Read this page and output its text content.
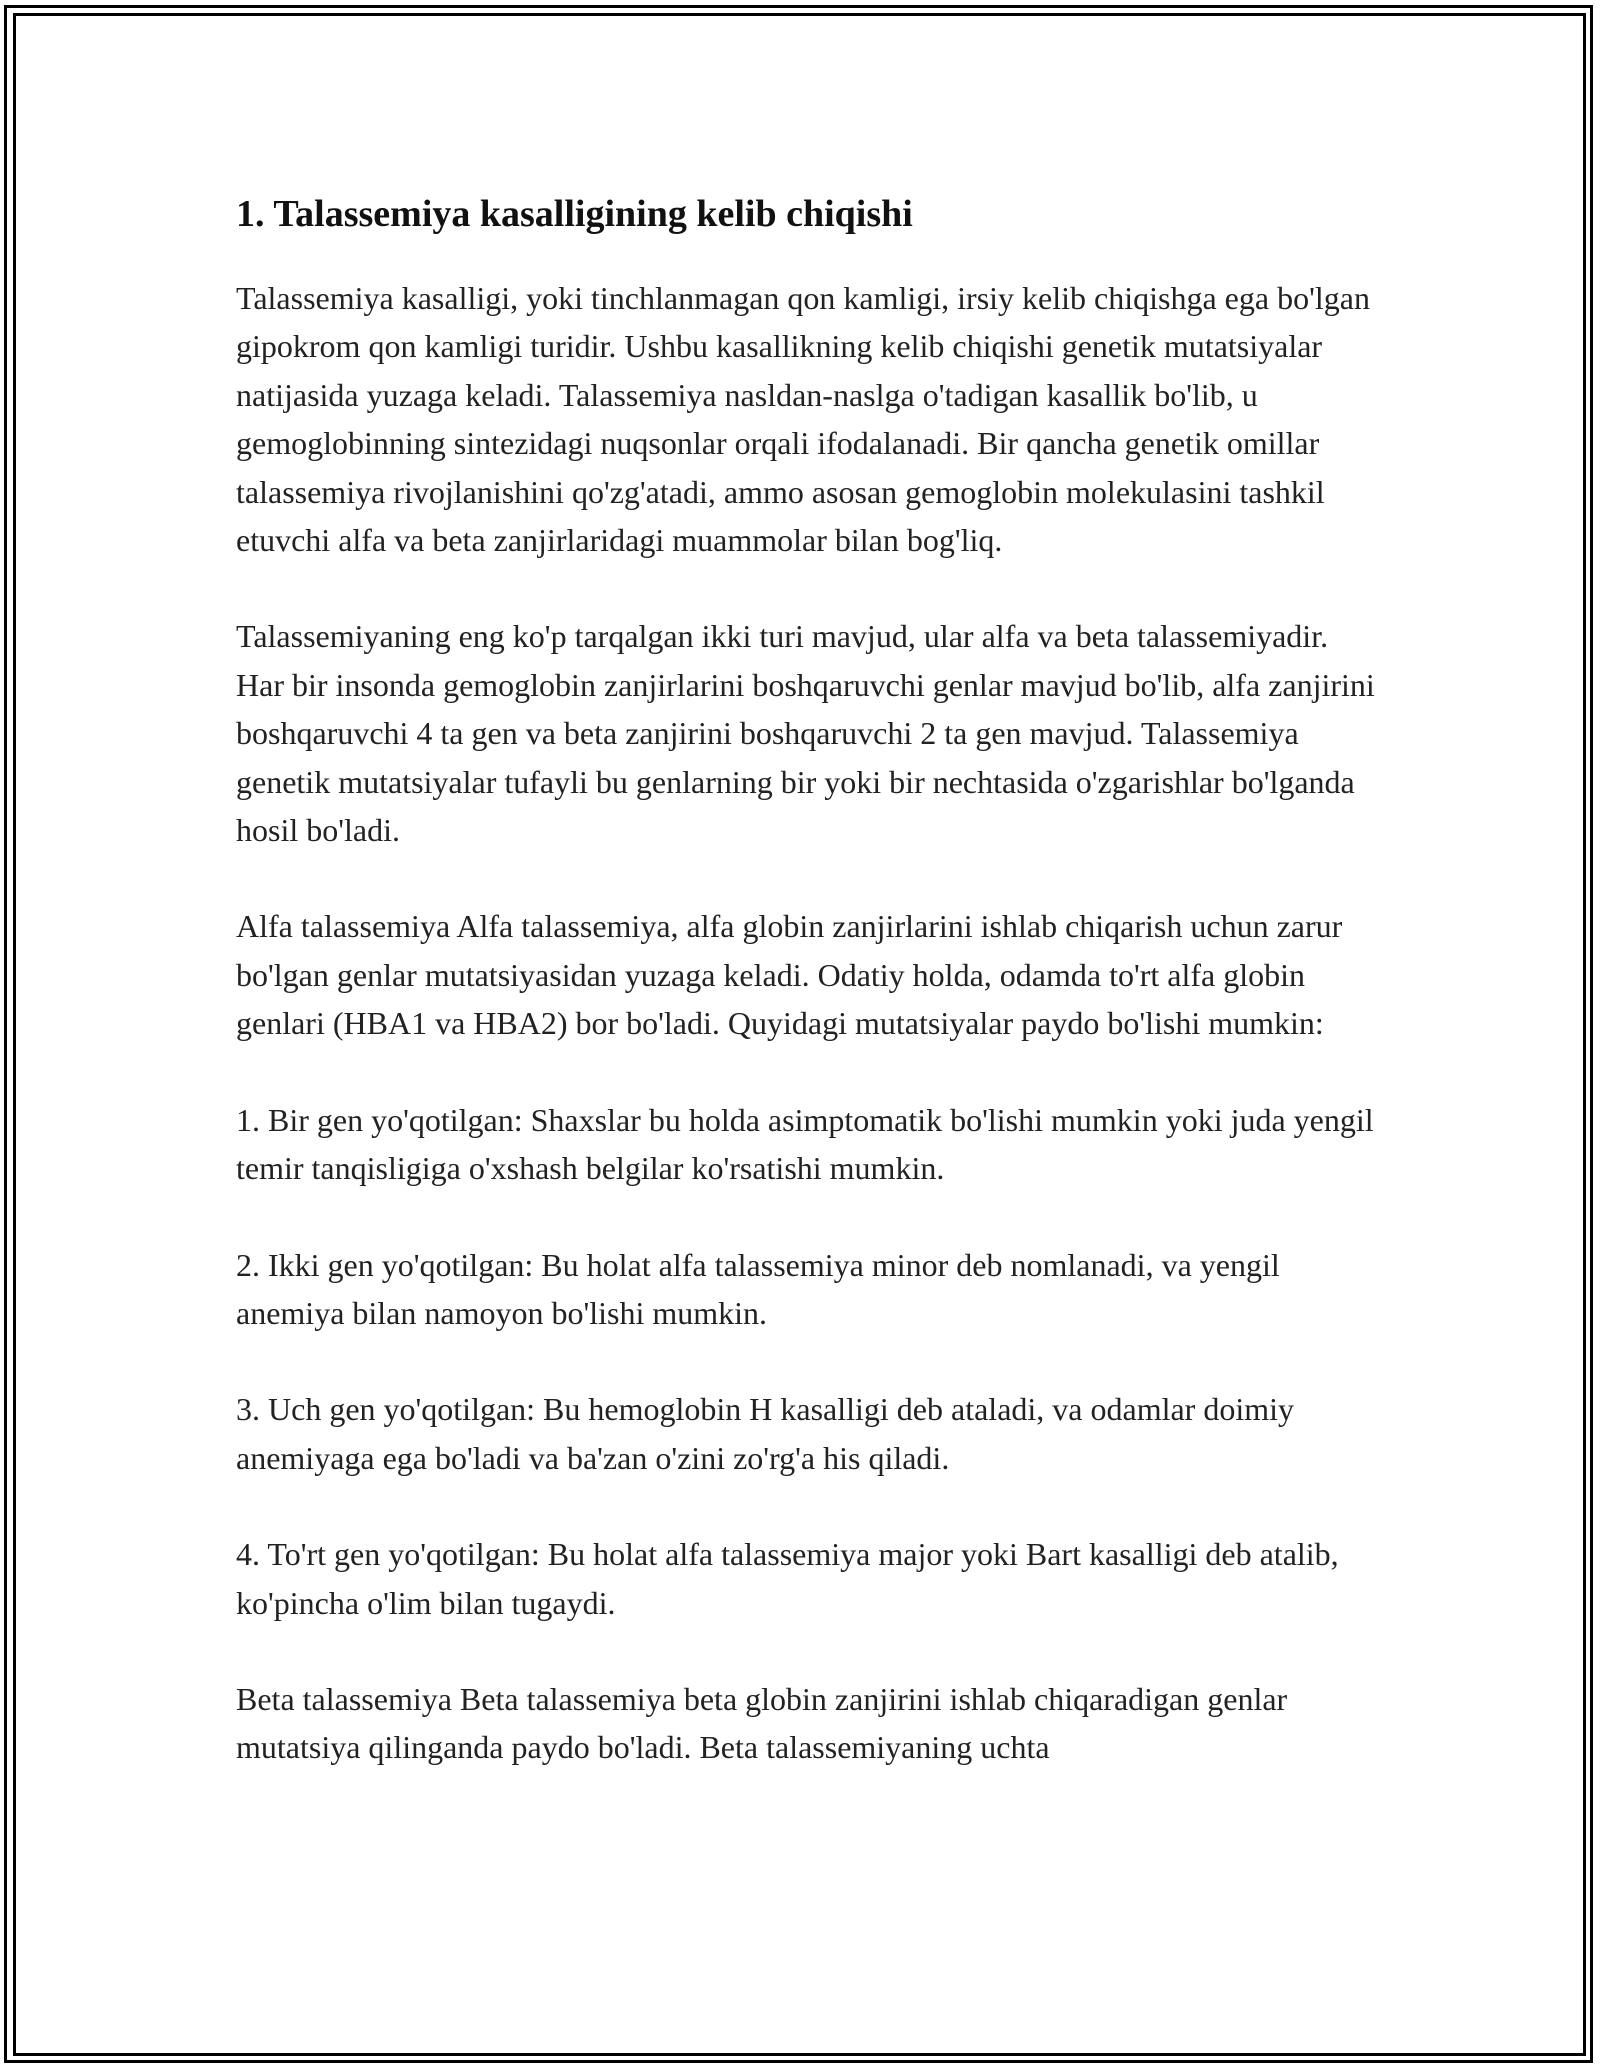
1. Talassemiya kasalligining kelib chiqishi

Talassemiya kasalligi, yoki tinchlanmagan qon kamligi, irsiy kelib chiqishga ega bo'lgan gipokrom qon kamligi turidir. Ushbu kasallikning kelib chiqishi genetik mutatsiyalar natijasida yuzaga keladi. Talassemiya nasldan-naslga o'tadigan kasallik bo'lib, u gemoglobinning sintezidagi nuqsonlar orqali ifodalanadi. Bir qancha genetik omillar talassemiya rivojlanishini qo'zg'atadi, ammo asosan gemoglobin molekulasini tashkil etuvchi alfa va beta zanjirlaridagi muammolar bilan bog'liq.

Talassemiyaning eng ko'p tarqalgan ikki turi mavjud, ular alfa va beta talassemiyadir. Har bir insonda gemoglobin zanjirlarini boshqaruvchi genlar mavjud bo'lib, alfa zanjirini boshqaruvchi 4 ta gen va beta zanjirini boshqaruvchi 2 ta gen mavjud. Talassemiya genetik mutatsiyalar tufayli bu genlarning bir yoki bir nechtasida o'zgarishlar bo'lganda hosil bo'ladi.

Alfa talassemiya Alfa talassemiya, alfa globin zanjirlarini ishlab chiqarish uchun zarur bo'lgan genlar mutatsiyasidan yuzaga keladi. Odatiy holda, odamda to'rt alfa globin genlari (HBA1 va HBA2) bor bo'ladi. Quyidagi mutatsiyalar paydo bo'lishi mumkin:

1. Bir gen yo'qotilgan: Shaxslar bu holda asimptomatik bo'lishi mumkin yoki juda yengil temir tanqisligiga o'xshash belgilar ko'rsatishi mumkin.

2. Ikki gen yo'qotilgan: Bu holat alfa talassemiya minor deb nomlanadi, va yengil anemiya bilan namoyon bo'lishi mumkin.

3. Uch gen yo'qotilgan: Bu hemoglobin H kasalligi deb ataladi, va odamlar doimiy anemiyaga ega bo'ladi va ba'zan o'zini zo'rg'a his qiladi.

4. To'rt gen yo'qotilgan: Bu holat alfa talassemiya major yoki Bart kasalligi deb atalib, ko'pincha o'lim bilan tugaydi.

Beta talassemiya Beta talassemiya beta globin zanjirini ishlab chiqaradigan genlar mutatsiya qilinganda paydo bo'ladi. Beta talassemiyaning uchta
